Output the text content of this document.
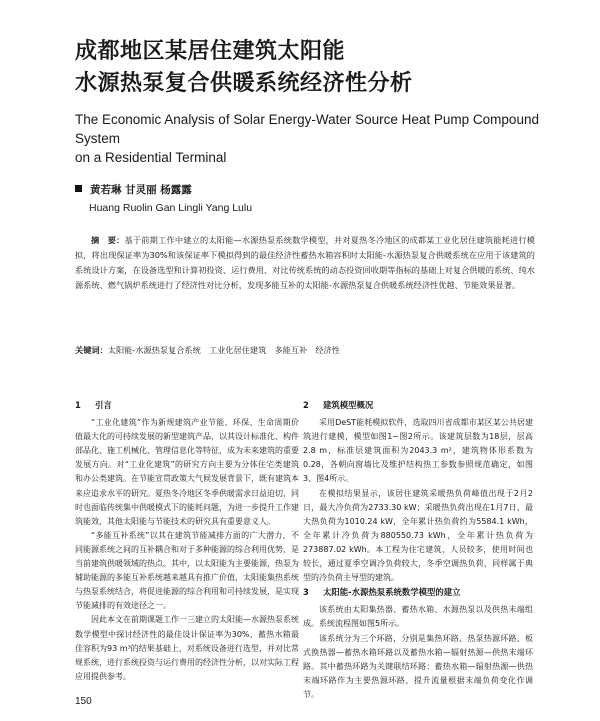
成都地区某居住建筑太阳能
水源热泵复合供暖系统经济性分析
The Economic Analysis of Solar Energy-Water Source Heat Pump Compound System
on a Residential Terminal
黄若琳 甘灵丽 杨露露
Huang Ruolin Gan Lingli Yang Lulu
摘　要：基于前期工作中建立的太阳能—水源热泵系统数学模型，并对夏热冬冷地区的成都某工业化居住建筑能耗进行模拟，将出现保证率为30%和该保证率下模拟得到的最佳经济性蓄热水箱容积时太阳能-水源热泵复合供暖系统在应用于该建筑的系统设计方案，在设备选型和计算初投资、运行费用、对比传统系统的动态投资回收期等指标的基础上对复合供暖的系统、纯水源系统、燃气锅炉系统进行了经济性对比分析，发现多能互补的太阳能-水源热泵复合供暖系统经济性优越、节能效果显著。
关键词：太阳能-水源热泵复合系统　工业化居住建筑　多能互补　经济性
1 引言

“工业化建筑”作为新规建筑产业节能、环保、生命周期价值最大化的可持续发展的新型建筑产品，以其设计标准化、构件部品化、施工机械化、管理信息化等特征，成为未来建筑的重要发展方向。对“工业化建筑”的研究方向主要为分体住宅类建筑和办公类建筑。在节能宣贯政策大气候发展背景下，既有建筑本来应追求水平的研究。夏热冬冷地区冬季供暖需求日益迫切，同时也面临传统集中供暖模式下的能耗问题，为进一步提升工作建筑能效，其他太阳能与节能技术的研究具有重要意义人。

“多能互补系统”以其在建筑节能减排方面的广大潜力，不同能源系统之间的互补耦合和对于多种能源的综合利用优势，是当前建筑供暖领域的热点。其中，以太阳能为主要能源，热泵为辅助能源的多能互补系统越来越具有推广价值，太阳能集热系统与热泵系统结合，将促进能源的综合利用和可持续发展，是实现节能减排的有效途径之一。

因此本文在前期课题工作一三建立的太阳能—水源热泵系统数学模型中探讨经济性的最佳设计保证率为30%、蓄热水箱最佳容积为93 m³的结果基础上，对系统设备进行选型，并对比常规系统，进行系统投资与运行费用的经济性分析，以对实际工程应用提供参考。

2 建筑模型概况

采用DeST能耗模拟软件，选取四川省成都市某区某公共居建筑进行建模，模型如图1~图2所示。该建筑层数为18层，层高2.8 m，标准层建筑面积为2043.3 m²，建筑物体形系数为0.28，各朝向窗墙比及维护结构热工参数参照规范确定，如图3、图4所示。

在模拟结果显示，该居住建筑采暖热负荷峰值出现于2月2日，最大冷负荷为2733.30 kW；采暖热负荷出现在1月7日，最大热负荷为1010.24 kW，全年累计热负荷约为5584.1 kWh，全年累计冷负荷为880550.73 kWh，全年累计热负荷为273887.02 kWh。本工程为住宅建筑，人员较多，使用时间也较长，通过夏季空调冷负荷较大，冬季空调热负荷，同样属于典型的冷负荷主导型的建筑。

3 太阳能-水源热泵系统数学模型的建立

该系统由太阳集热器、蓄热水箱、水源热泵以及供热末端组成。系统流程图如图5所示。

该系统分为三个环路，分别是集热环路、热泵热源环路、板式换热器—蓄热水箱环路以及蓄热水箱—辐射热源—供热末端环路。其中蓄热环路为关键联结环路：蓄热水箱—辐射热源—供热末端环路作为主要热源环路，提升流量根据末端负荷变化作调节。

150
